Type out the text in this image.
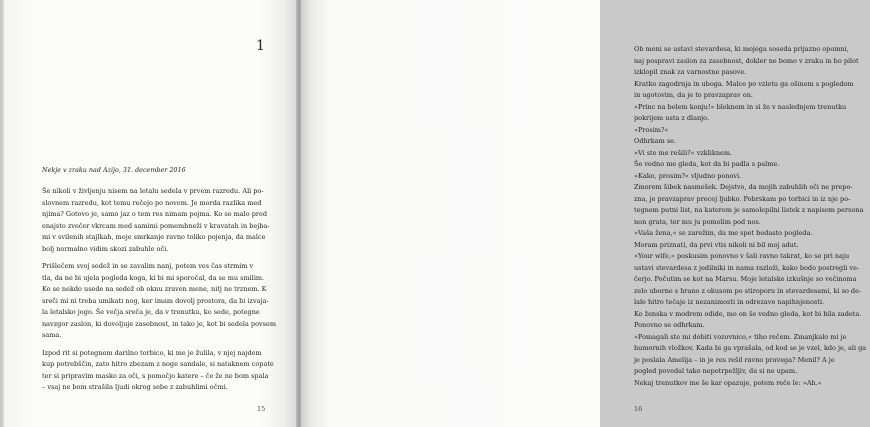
1
Nekje v zraku nad Azijo, 31. december 2016
Še nikoli v življenju nisem na letalu sedela v prvem razredu. Ali po-
slovnem razredu, kot temu rečejo po novem. Je morda razlika med
njima? Gotovo je, samo jaz o tem res nimam pojma. Ko se malo pred
enajsto zvečer vkrcam med samimi pomembneži v kravatah in bejba-
mi v svilenih stajlkah, moje smrkanje ravno toliko pojenja, da malce
bolj normalno vidim skozi zabuhle oči.
Prišlečem svoj sedež in se zavalim nanj, potem ves čas strmim v
tla, da ne bi ujela pogleda koga, ki bi mi sporočal, da se mu smilim.
Ko se nekdo usede na sedež ob oknu zraven mene, nitj ne trznem. K
sreči mi ni treba umikati nog, ker imam dovolj prostora, da bi izvaja-
la letalsko jogo. Še večja sreča je, da v trenutku, ko sede, potegne
navzgor zaslon, ki dovoljuje zasebnost, in tako je, kot bi sedela povsem
sama.
Izpod rit si potegnem darilno torbico, ki me je žulila, v njej najdem
kup potrebščin, zato hitro zbezam z noge sandale, si nataknem copate
ter si pripravim masko za oči, s pomočjo katere – če že ne bom spala
– vsaj ne bom strašila ljudi okrog sebe z zabuhlimi očmi.
15
Ob meni se ustavi stevardesa, ki mojega soseda prijazno opomni,
naj pospravi zaslon za zasebnost, dokler ne bomo v zraku in bo pilot
izklopil znak za varnostne pasove.
Kratko zagodrnja in ubogа. Malce po vzletu ga ošinem s pogledom
in ugotovim, da je to pravzaprav on.
»Princ na belem konju!« bleknem in si že v naslednjem trenutku
pokrijem usta z dlanjo.
»Prosim?«
Odhrkam se.
»Vi ste me rešili?« vzkliknem.
Še vedno me gleda, kot da bi padla s palme.
»Kako, prosim?« vljudno ponovi.
Zmorem šibek nasmešek. Dejstvo, da mojih zabuhlih oči ne prepo-
zna, je pravzaprav precej ljubko. Pobrskam po torbici in iz nje po-
tegnem putni list, na katerem je samolepilni listek z napisom persona
non grata, ter mu ju pomolim pod nos.
»Vaša žena,« se zarežim, da me spet bedasto pogleda.
Moram priznati, da prvi vtis nikoli ni bil moj adut.
»Your wife,« poskusim ponovno v šali ravno takrat, ko se pri naju
ustavi stevardesa z jedilniki in nama razloži, kako bodo postregli ve-
čerjo. Počutim se kot na Marsu. Moje letalske izkušnje so večinoma
zelo uborne s hrano z okusom po stiroporu in stevardesami, ki so de-
lale hitro tečaje iz nezanimosti in odrezave napihnjenosti.
Ko ženska v modrem odide, me on še vedno gleda, kot bi bila zadeta.
Ponovno se odhrkam.
»Pomagali ste mi dobiti vozovnico,« tiho rečem. Zmanjkalo mi je
humornih vložkov. Kada bi ga vprašala, od kod se je vzel, kdo je, ali ga
je poslala Amelija – in je res rešil ravno pravega? Menil? A je
pogled povedal tako nepotrpežljiv, da si ne upam.
Nekaj trenutkov me še kar opazuje, potem reče le: »Ah.«
16
